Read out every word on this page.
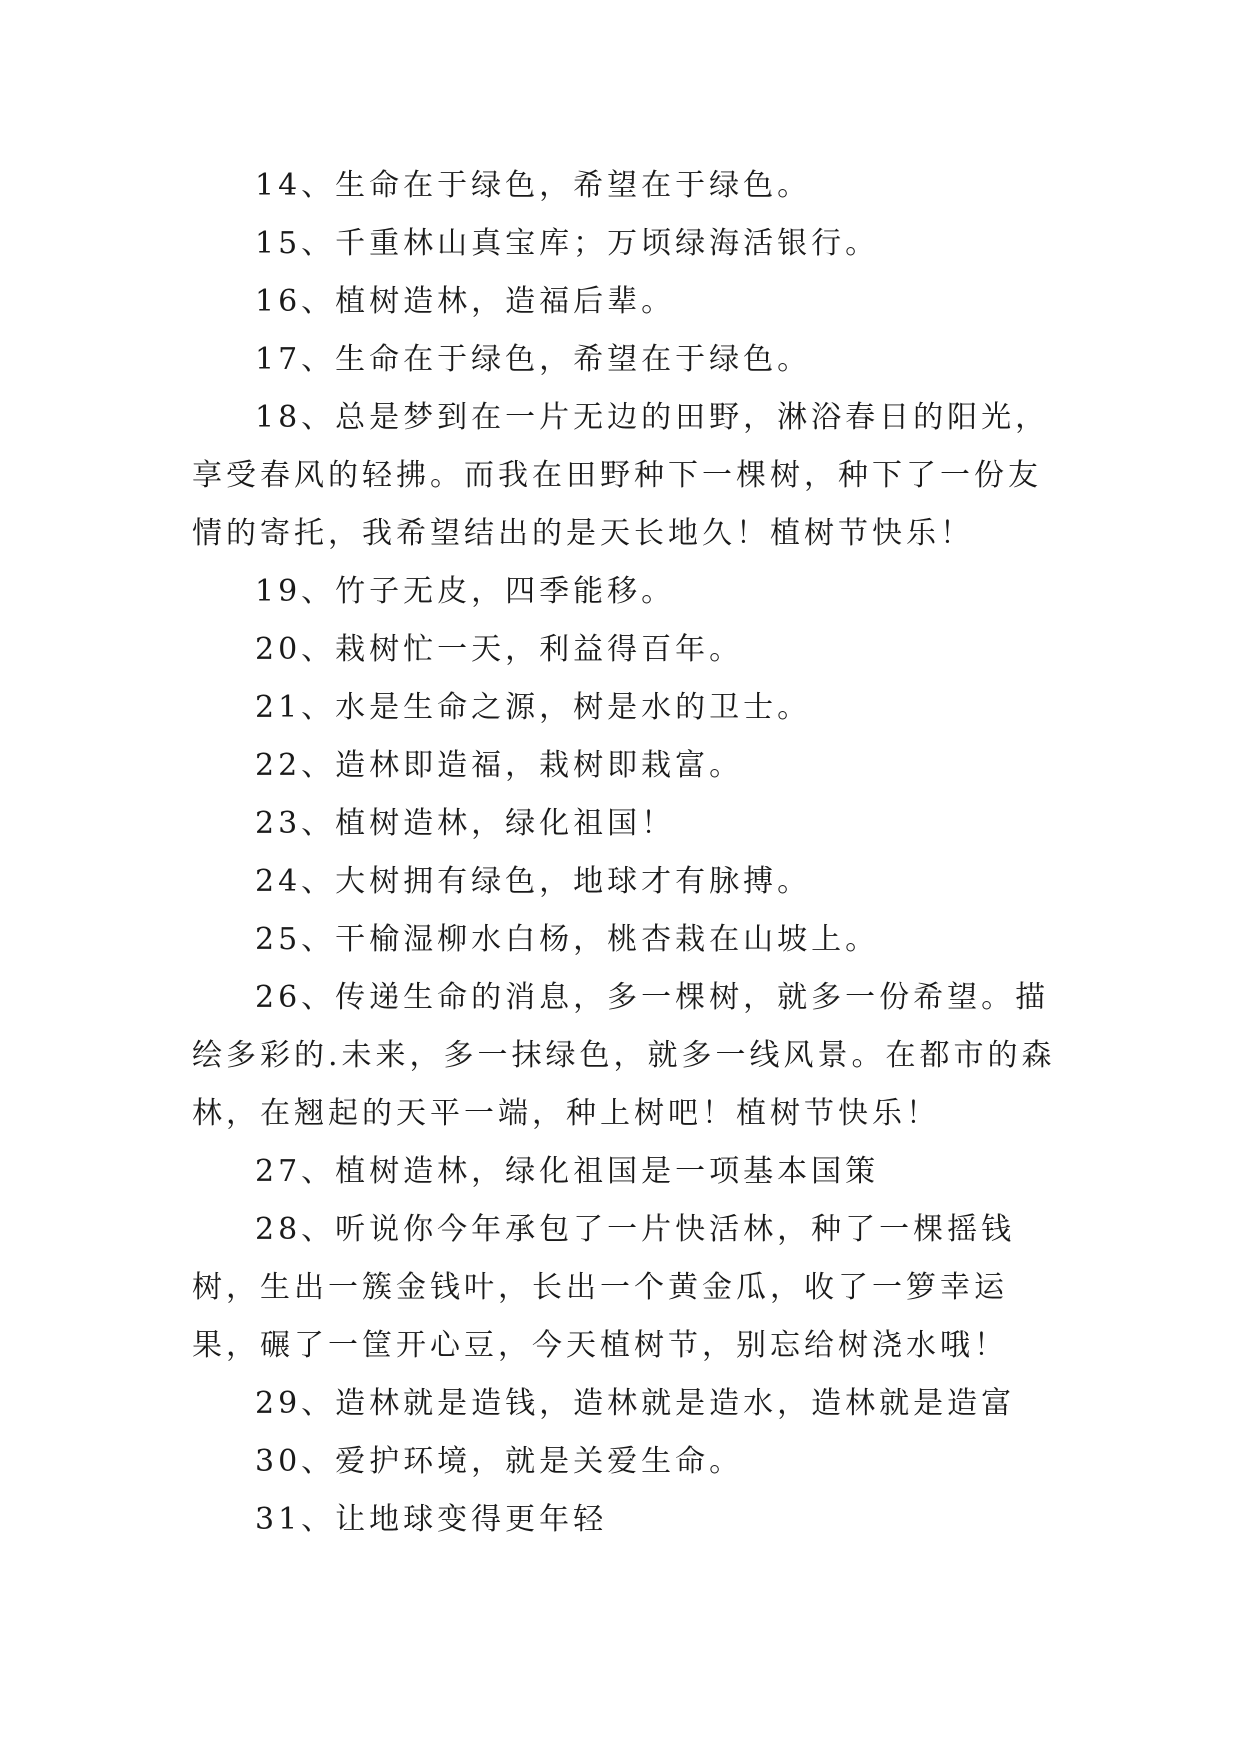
14、生命在于绿色，希望在于绿色。

15、千重林山真宝库；万顷绿海活银行。

16、植树造林，造福后辈。

17、生命在于绿色，希望在于绿色。

18、总是梦到在一片无边的田野，淋浴春日的阳光，享受春风的轻拂。而我在田野种下一棵树，种下了一份友情的寄托，我希望结出的是天长地久！植树节快乐！

19、竹子无皮，四季能移。

20、栽树忙一天，利益得百年。

21、水是生命之源，树是水的卫士。

22、造林即造福，栽树即栽富。

23、植树造林，绿化祖国！

24、大树拥有绿色，地球才有脉搏。

25、干榆湿柳水白杨，桃杏栽在山坡上。

26、传递生命的消息，多一棵树，就多一份希望。描绘多彩的.未来，多一抹绿色，就多一线风景。在都市的森林，在翘起的天平一端，种上树吧！植树节快乐！

27、植树造林，绿化祖国是一项基本国策

28、听说你今年承包了一片快活林，种了一棵摇钱树，生出一簇金钱叶，长出一个黄金瓜，收了一箩幸运果，碾了一筐开心豆，今天植树节，别忘给树浇水哦！

29、造林就是造钱，造林就是造水，造林就是造富

30、爱护环境，就是关爱生命。

31、让地球变得更年轻
